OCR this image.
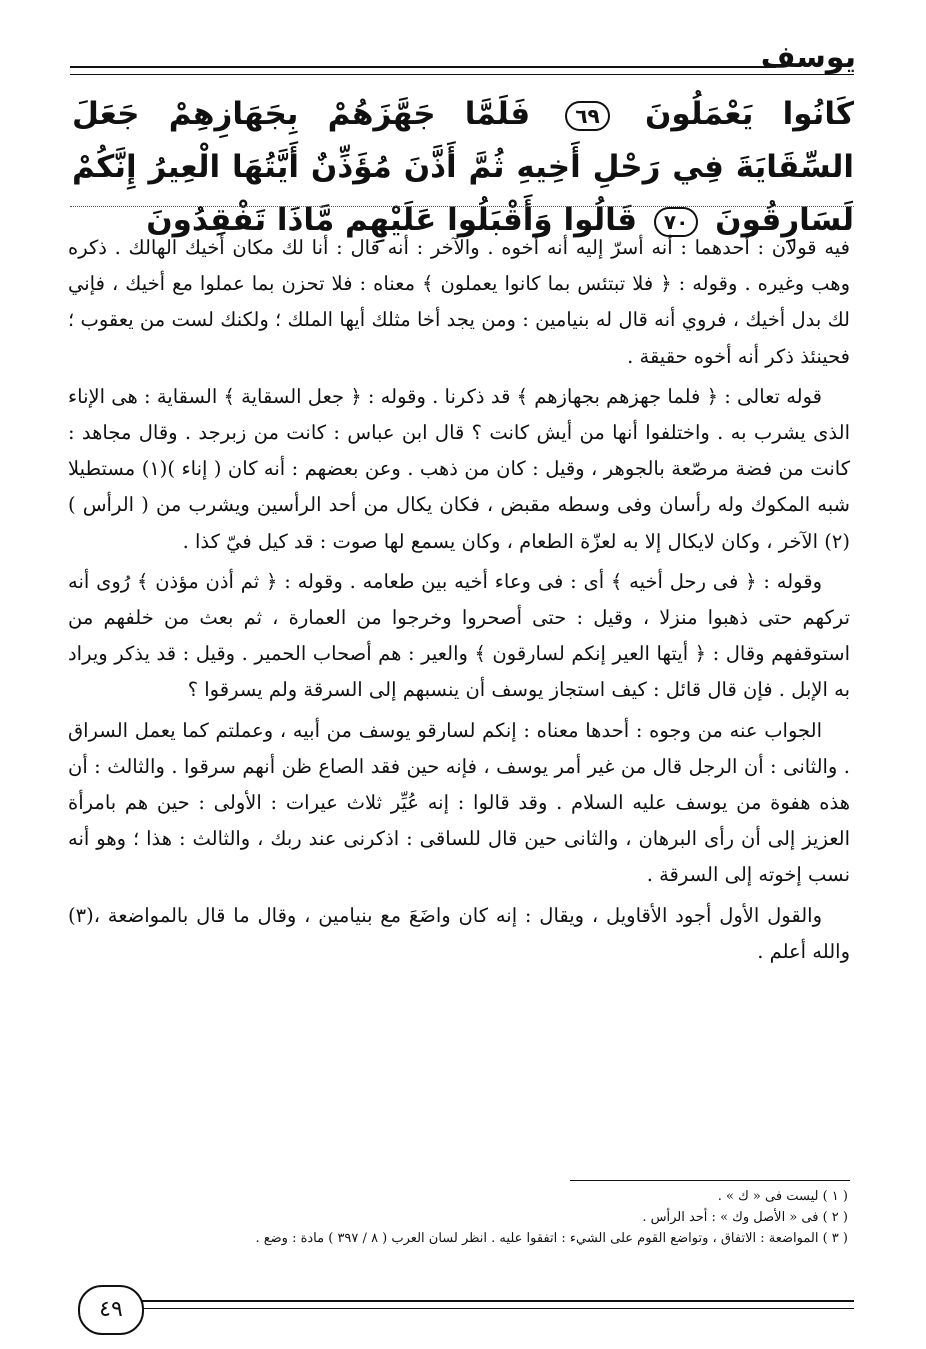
يوسف
كَانُوا يَعْمَلُونَ ٦٩ فَلَمَّا جَهَّزَهُمْ بِجَهَازِهِمْ جَعَلَ السِّقَايَةَ فِي رَحْلِ أَخِيهِ ثُمَّ أَذَّنَ مُؤَذِّنٌ أَيَّتُهَا الْعِيرُ إِنَّكُمْ لَسَارِقُونَ ٧٠ قَالُوا وَأَقْبَلُوا عَلَيْهِم مَّاذَا تَفْقِدُونَ

فيه قولان : أحدهما : أنه أسرّ إليه أنه أخوه . والآخر : أنه قال : أنا لك مكان أخيك الهالك . ذكره وهب وغيره . وقوله : ﴿ فلا تبتئس بما كانوا يعملون ﴾ معناه : فلا تحزن بما عملوا مع أخيك ، فإني لك بدل أخيك ، فروي أنه قال له بنيامين : ومن يجد أخا مثلك أيها الملك ؛ ولكنك لست من يعقوب ؛ فحينئذ ذكر أنه أخوه حقيقة .

قوله تعالى : ﴿ فلما جهزهم بجهازهم ﴾ قد ذكرنا . وقوله : ﴿ جعل السقاية ﴾ السقاية : هى الإناء الذى يشرب به . واختلفوا أنها من أيش كانت ؟ قال ابن عباس : كانت من زبرجد . وقال مجاهد : كانت من فضة مرصّعة بالجوهر ، وقيل : كان من ذهب . وعن بعضهم : أنه كان ( إناء )(١) مستطيلا شبه المكوك وله رأسان وفى وسطه مقبض ، فكان يكال من أحد الرأسين ويشرب من ( الرأس )(٢) الآخر ، وكان لايكال إلا به لعزّة الطعام ، وكان يسمع لها صوت : قد كيل فيّ كذا .

وقوله : ﴿ فى رحل أخيه ﴾ أى : فى وعاء أخيه بين طعامه . وقوله : ﴿ ثم أذن مؤذن ﴾ رُوى أنه تركهم حتى ذهبوا منزلا ، وقيل : حتى أصحروا وخرجوا من العمارة ، ثم بعث من خلفهم من استوقفهم وقال : ﴿ أيتها العير إنكم لسارقون ﴾ والعير : هم أصحاب الحمير . وقيل : قد يذكر ويراد به الإبل . فإن قال قائل : كيف استجاز يوسف أن ينسبهم إلى السرقة ولم يسرقوا ؟

الجواب عنه من وجوه : أحدها معناه : إنكم لسارقو يوسف من أبيه ، وعملتم كما يعمل السراق . والثانى : أن الرجل قال من غير أمر يوسف ، فإنه حين فقد الصاع ظن أنهم سرقوا . والثالث : أن هذه هفوة من يوسف عليه السلام . وقد قالوا : إنه عُيِّر ثلاث عيرات : الأولى : حين هم بامرأة العزيز إلى أن رأى البرهان ، والثانى حين قال للساقى : اذكرنى عند ربك ، والثالث : هذا ؛ وهو أنه نسب إخوته إلى السرقة .

والقول الأول أجود الأقاويل ، ويقال : إنه كان واضَعَ مع بنيامين ، وقال ما قال بالمواضعة ،(٣) والله أعلم .

( ١ ) ليست فى « ك » .
( ٢ ) فى « الأصل وك » : أحد الرأس .
( ٣ ) المواضعة : الاتفاق ، وتواضع القوم على الشيء : اتفقوا عليه . انظر لسان العرب ( ٨ / ٣٩٧ ) مادة : وضع .
٤٩
